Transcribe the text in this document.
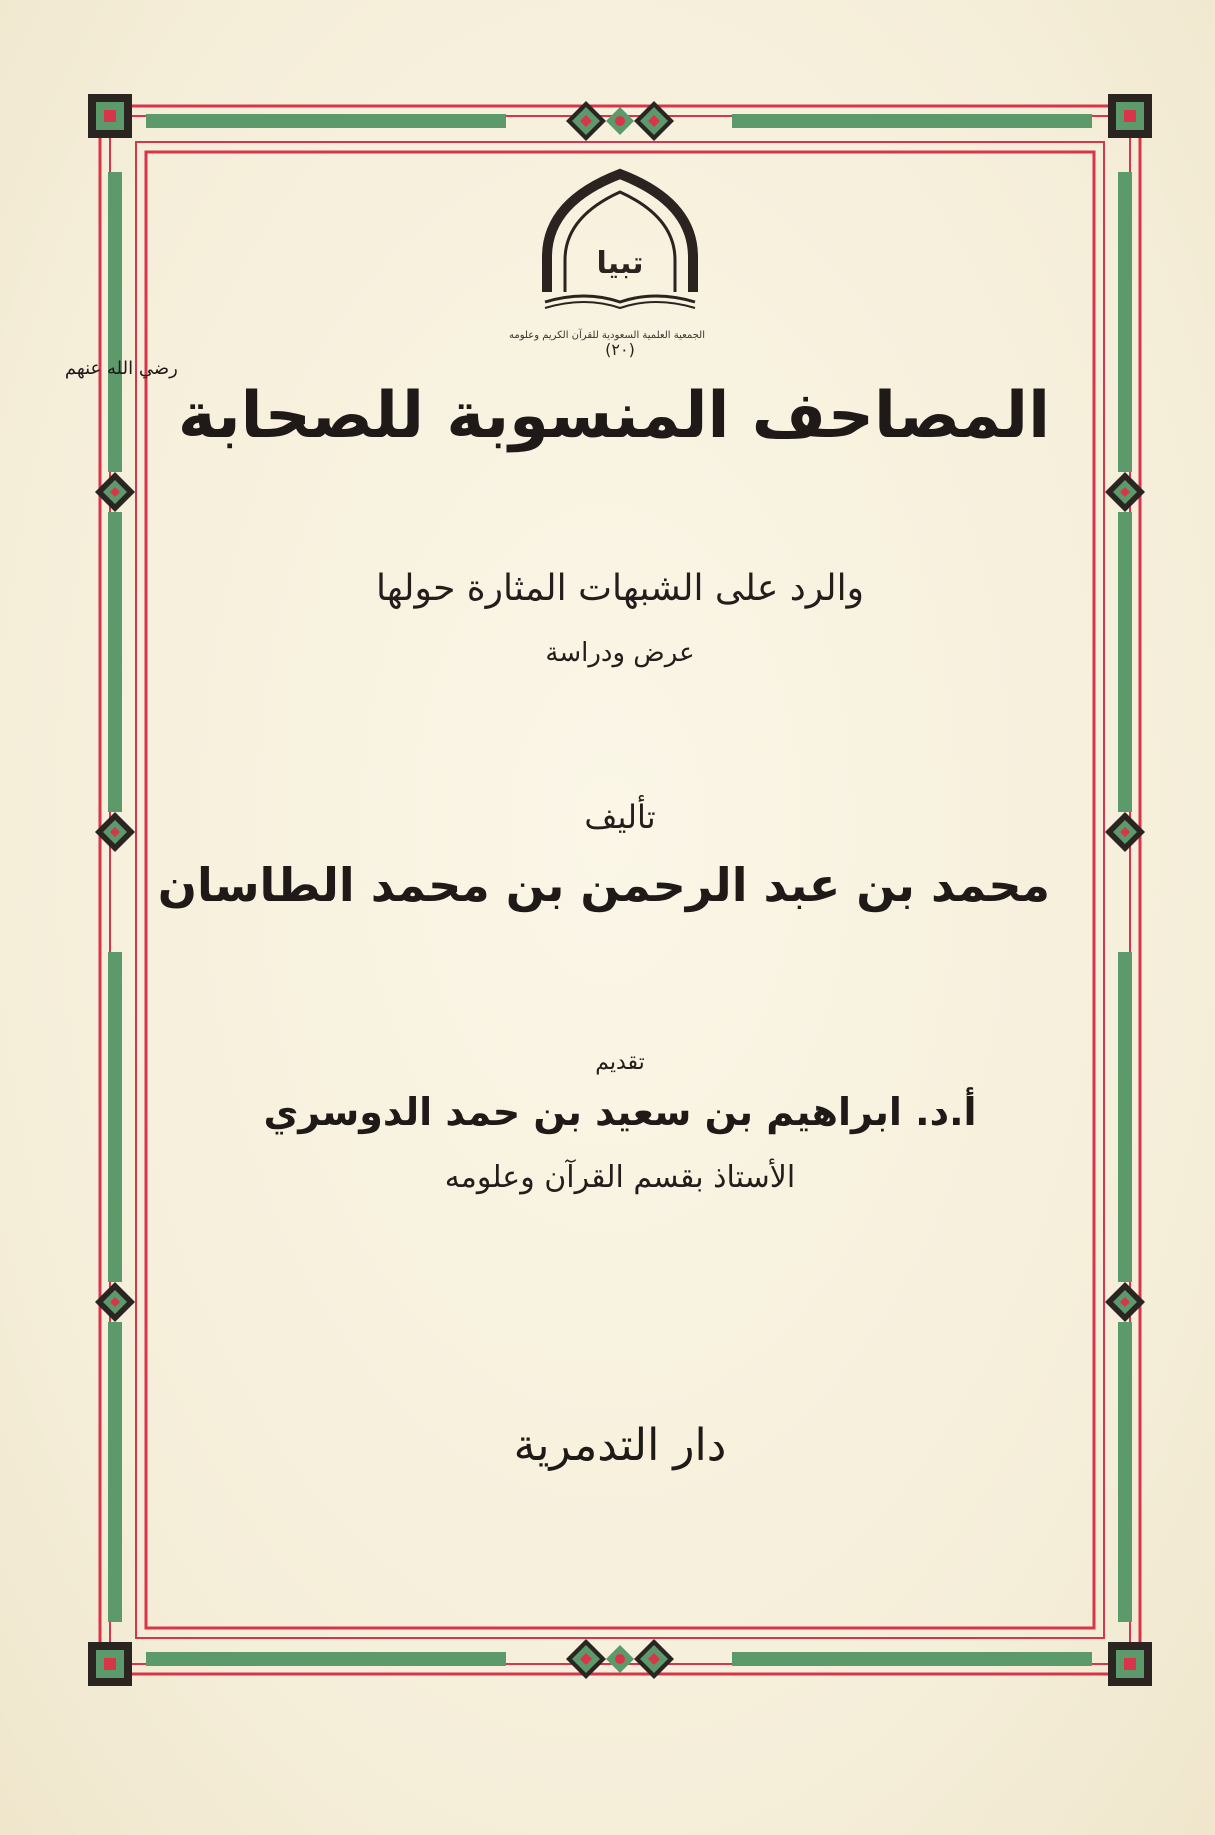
تبيا
الجمعية العلمية السعودية للقرآن الكريم وعلومه
(٢٠)
المصاحف المنسوبة للصحابة$^{رضي الله عنهم}$
والرد على الشبهات المثارة حولها
عرض ودراسة
تأليف
محمد بن عبد الرحمن بن محمد الطاسان
تقديم
أ.د. ابراهيم بن سعيد بن حمد الدوسري
الأستاذ بقسم القرآن وعلومه
دار التدمرية
